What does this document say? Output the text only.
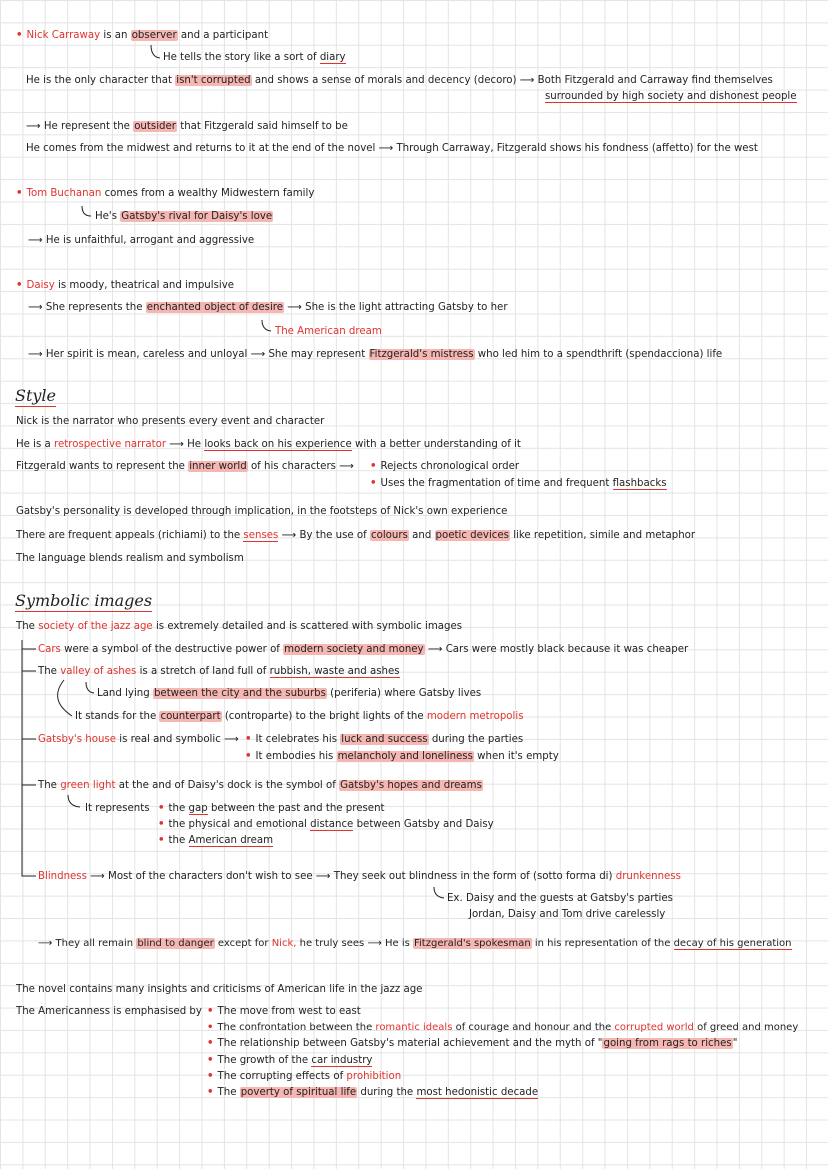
• Nick Carraway is an observer and a participant
He tells the story like a sort of diary
He is the only character that isn't corrupted and shows a sense of morals and decency (decoro) ⟶ Both Fitzgerald and Carraway find themselves
surrounded by high society and dishonest people
⟶ He represent the outsider that Fitzgerald said himself to be
He comes from the midwest and returns to it at the end of the novel ⟶ Through Carraway, Fitzgerald shows his fondness (affetto) for the west
• Tom Buchanan comes from a wealthy Midwestern family
He's Gatsby's rival for Daisy's love
⟶ He is unfaithful, arrogant and aggressive
• Daisy is moody, theatrical and impulsive
⟶ She represents the enchanted object of desire ⟶ She is the light attracting Gatsby to her
The American dream
⟶ Her spirit is mean, careless and unloyal ⟶ She may represent Fitzgerald's mistress who led him to a spendthrift (spendacciona) life
Style
Nick is the narrator who presents every event and character
He is a retrospective narrator ⟶ He looks back on his experience with a better understanding of it
Fitzgerald wants to represent the inner world of his characters ⟶ • Rejects chronological order
• Uses the fragmentation of time and frequent flashbacks
Gatsby's personality is developed through implication, in the footsteps of Nick's own experience
There are frequent appeals (richiami) to the senses ⟶ By the use of colours and poetic devices like repetition, simile and metaphor
The language blends realism and symbolism
Symbolic images
The society of the jazz age is extremely detailed and is scattered with symbolic images
Cars were a symbol of the destructive power of modern society and money ⟶ Cars were mostly black because it was cheaper
The valley of ashes is a stretch of land full of rubbish, waste and ashes
Land lying between the city and the suburbs (periferia) where Gatsby lives
It stands for the counterpart (controparte) to the bright lights of the modern metropolis
Gatsby's house is real and symbolic ⟶ • It celebrates his luck and success during the parties
• It embodies his melancholy and loneliness when it's empty
The green light at the and of Daisy's dock is the symbol of Gatsby's hopes and dreams
It represents • the gap between the past and the present
• the physical and emotional distance between Gatsby and Daisy
• the American dream
Blindness ⟶ Most of the characters don't wish to see ⟶ They seek out blindness in the form of (sotto forma di) drunkenness
Ex. Daisy and the guests at Gatsby's parties
Jordan, Daisy and Tom drive carelessly
⟶ They all remain blind to danger except for Nick, he truly sees ⟶ He is Fitzgerald's spokesman in his representation of the decay of his generation
The novel contains many insights and criticisms of American life in the jazz age
The Americanness is emphasised by • The move from west to east
• The confrontation between the romantic ideals of courage and honour and the corrupted world of greed and money
• The relationship between Gatsby's material achievement and the myth of "going from rags to riches"
• The growth of the car industry
• The corrupting effects of prohibition
• The poverty of spiritual life during the most hedonistic decade
